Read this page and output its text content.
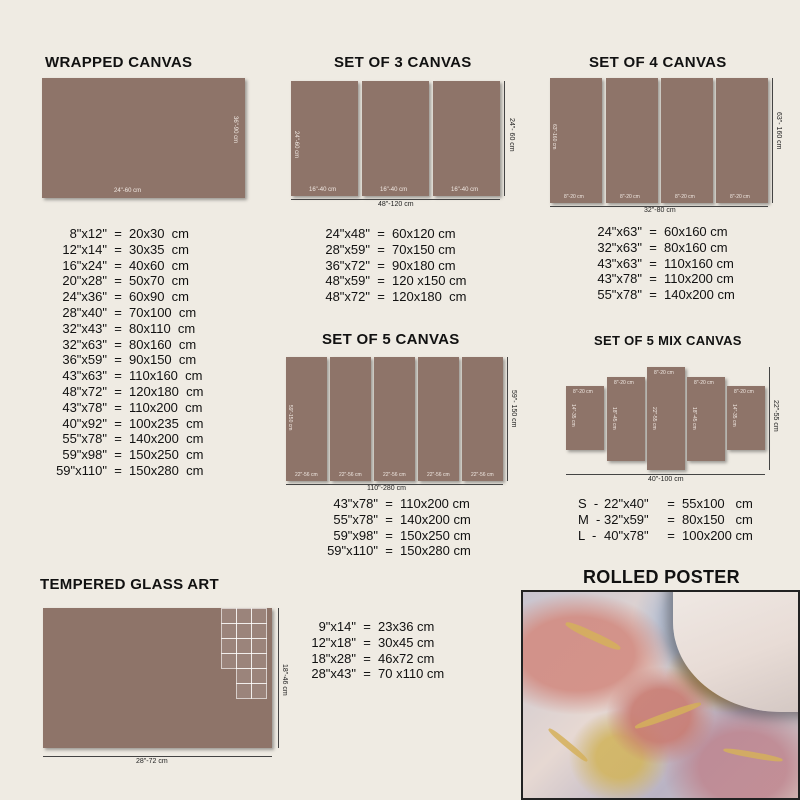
WRAPPED CANVAS
24"-60 cm
36"-90 cm
8"x12" = 20x30  cm
12"x14" = 30x35  cm
16"x24" = 40x60  cm
20"x28" = 50x70  cm
24"x36" = 60x90  cm
28"x40" = 70x100  cm
32"x43" = 80x110  cm
32"x63" = 80x160  cm
36"x59" = 90x150  cm
43"x63" = 110x160  cm
48"x72" = 120x180  cm
43"x78" = 110x200  cm
40"x92" = 100x235  cm
55"x78" = 140x200  cm
59"x98" = 150x250  cm
59"x110" = 150x280  cm
SET OF 3 CANVAS
24"-60 cm
16"-40 cm	16"-40 cm	16"-40 cm
48"-120 cm
24"- 60 cm
24"x48" = 60x120 cm
28"x59" = 70x150 cm
36"x72" = 90x180 cm
48"x59" = 120 x150 cm
48"x72" = 120x180  cm
SET OF 4 CANVAS
63"-160 cm
8"-20 cm	8"-20 cm	8"-20 cm	8"-20 cm
32"-80 cm
63"- 160 cm
24"x63" = 60x160 cm
32"x63" = 80x160 cm
43"x63" = 110x160 cm
43"x78" = 110x200 cm
55"x78" = 140x200 cm
SET OF 5 CANVAS
59"-150 cm
22"-56 cm	22"-56 cm	22"-56 cm	22"-56 cm	22"-56 cm
110"-280 cm
59"- 150 cm
43"x78" = 110x200 cm
55"x78" = 140x200 cm
59"x98" = 150x250 cm
59"x110" = 150x280 cm
SET OF 5 MIX CANVAS
8"-20 cm
14"-35 cm
8"-20 cm
18"-45 cm
8"-20 cm
22"-55 cm
8"-20 cm
18"-45 cm
8"-20 cm
14"-35 cm
40"-100 cm
22"-55 cm
S  - 22"x40" = 55x100   cm
M  - 32"x59" = 80x150   cm
L  - 40"x78" = 100x200 cm
TEMPERED GLASS ART
28"-72 cm
18"-46 cm
9"x14" = 23x36 cm
12"x18" = 30x45 cm
18"x28" = 46x72 cm
28"x43" = 70 x110 cm
ROLLED POSTER
